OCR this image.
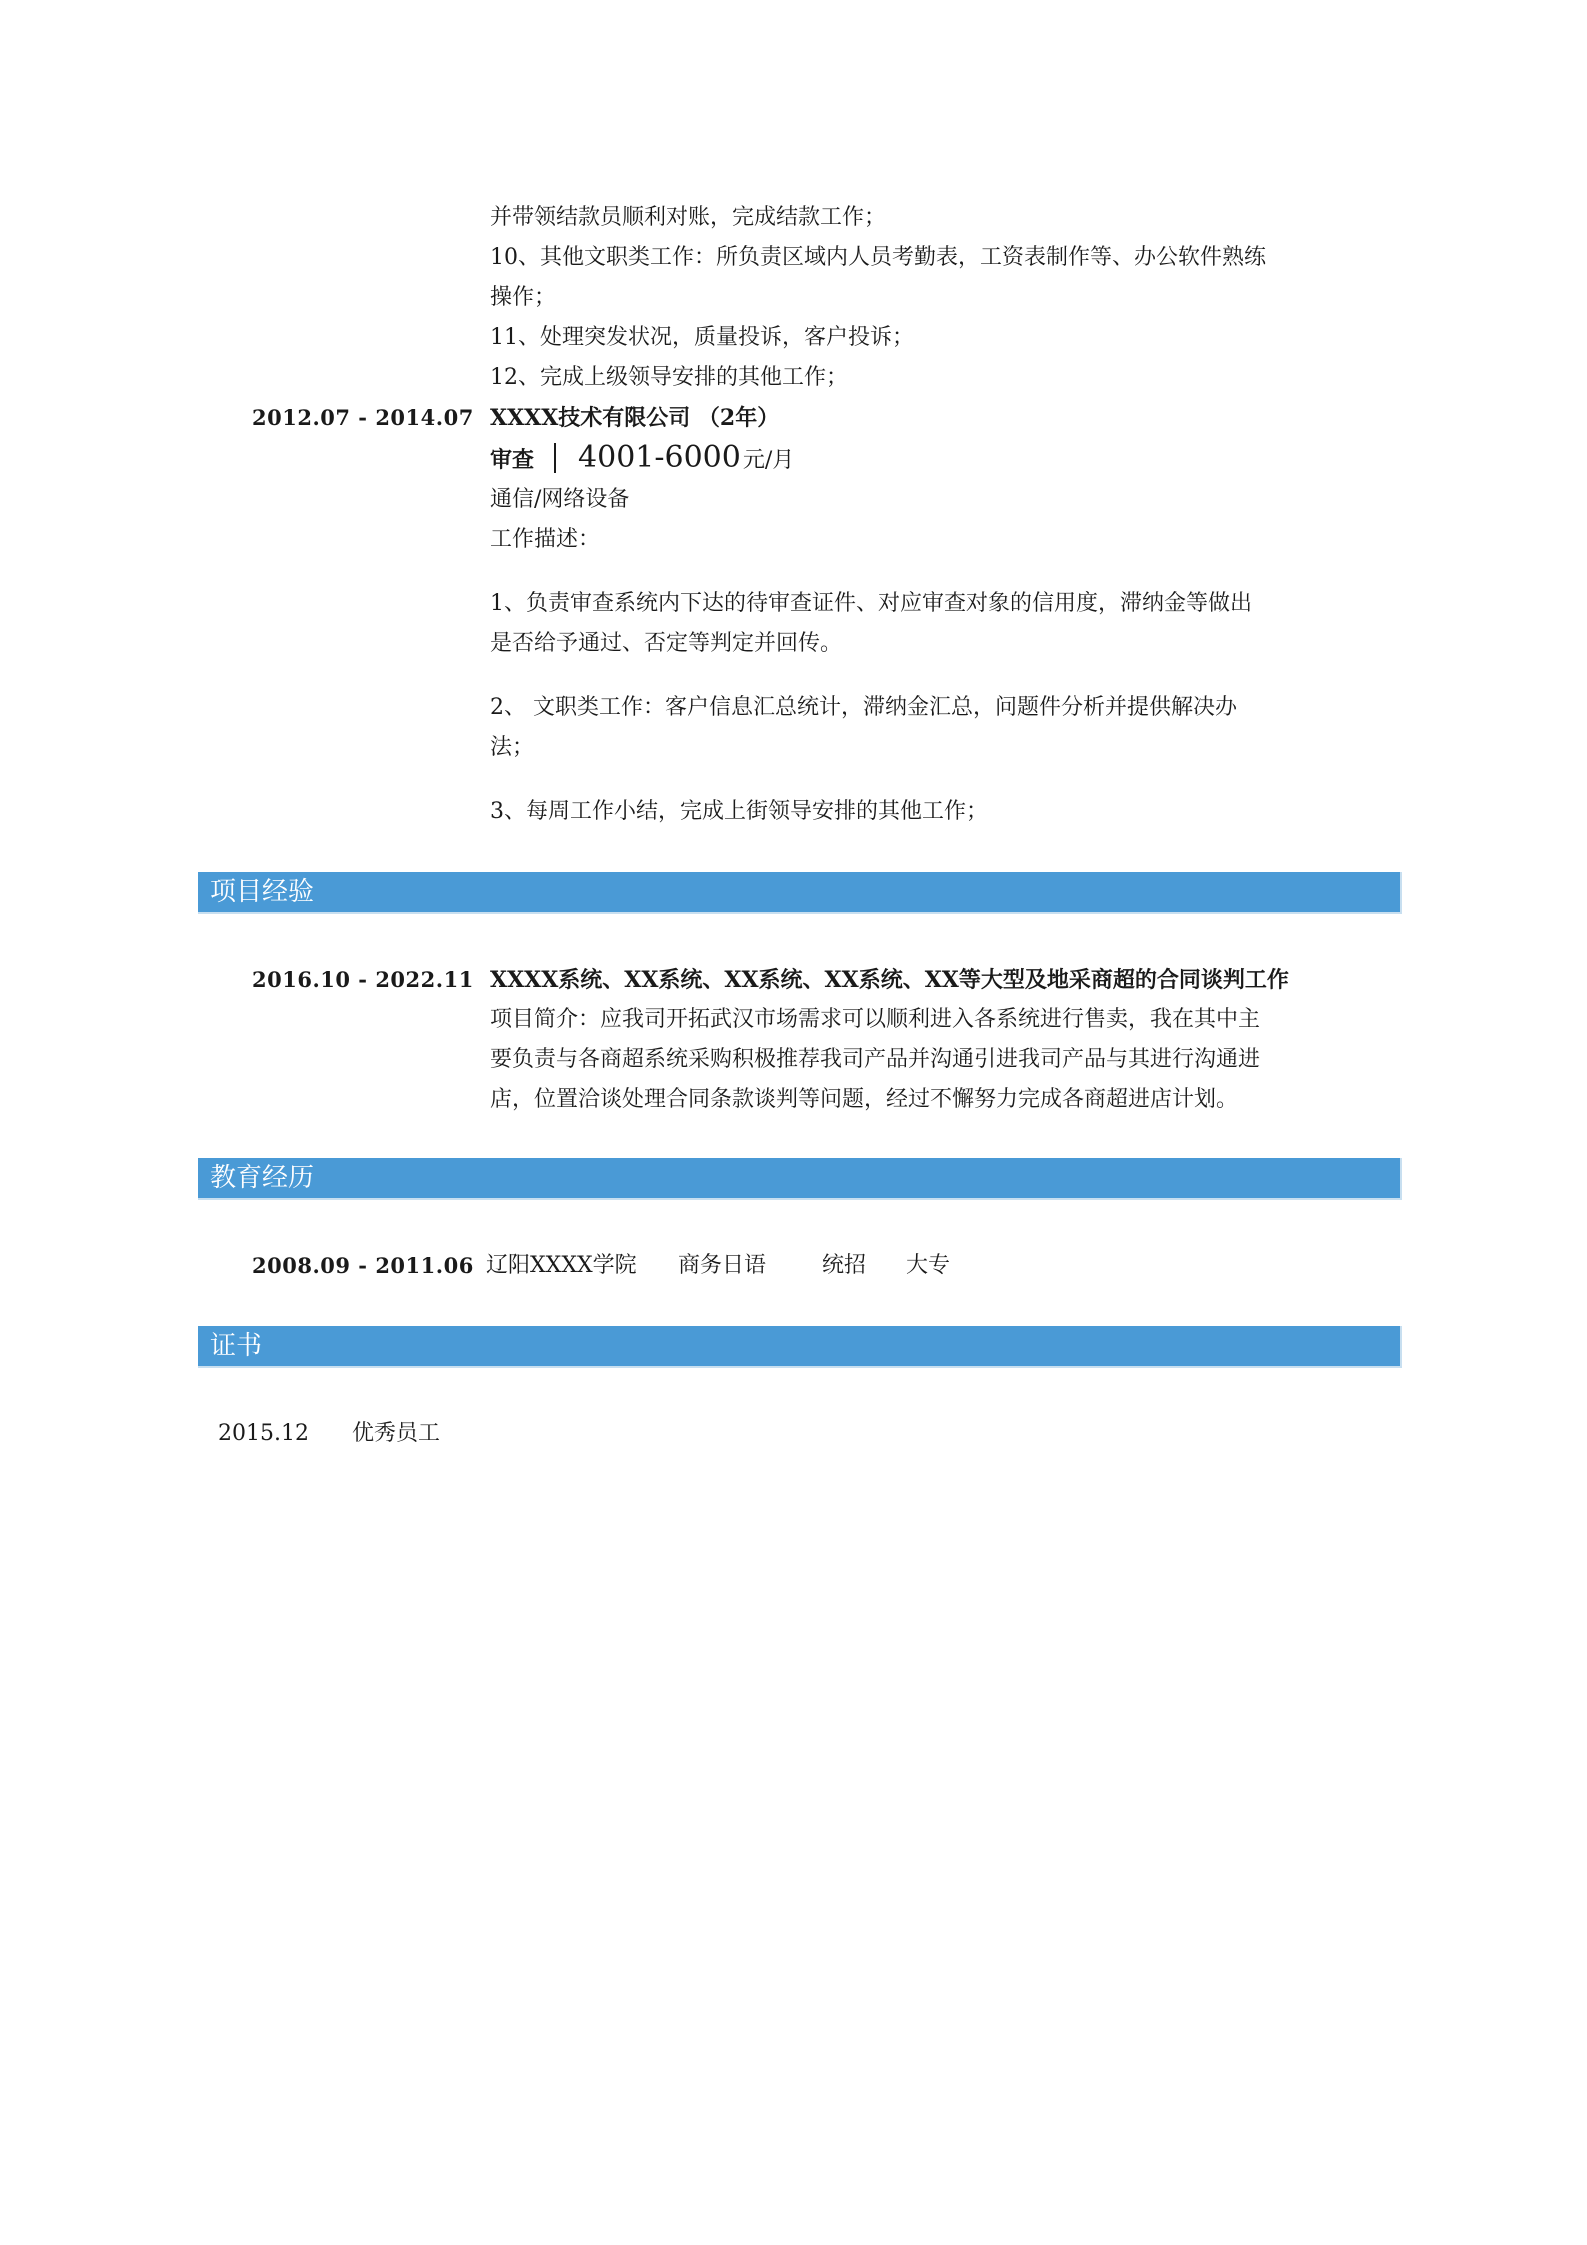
并带领结款员顺利对账，完成结款工作；
10、其他文职类工作：所负责区域内人员考勤表，工资表制作等、办公软件熟练
操作；
11、处理突发状况，质量投诉，客户投诉；
12、完成上级领导安排的其他工作；
2012.07 - 2014.07 XXXX技术有限公司 （2年）
审查 4001-6000元/月
通信/网络设备
工作描述：
1、负责审查系统内下达的待审查证件、对应审查对象的信用度，滞纳金等做出
是否给予通过、否定等判定并回传。
2、 文职类工作：客户信息汇总统计，滞纳金汇总，问题件分析并提供解决办
法；
3、每周工作小结，完成上街领导安排的其他工作；
项目经验
2016.10 - 2022.11 XXXX系统、XX系统、XX系统、XX系统、XX等大型及地采商超的合同谈判工作
项目简介：应我司开拓武汉市场需求可以顺利进入各系统进行售卖，我在其中主
要负责与各商超系统采购积极推荐我司产品并沟通引进我司产品与其进行沟通进
店，位置洽谈处理合同条款谈判等问题，经过不懈努力完成各商超进店计划。
教育经历
2008.09 - 2011.06 辽阳XXXX学院 商务日语	统招 大专
证书
2015.12 优秀员工
